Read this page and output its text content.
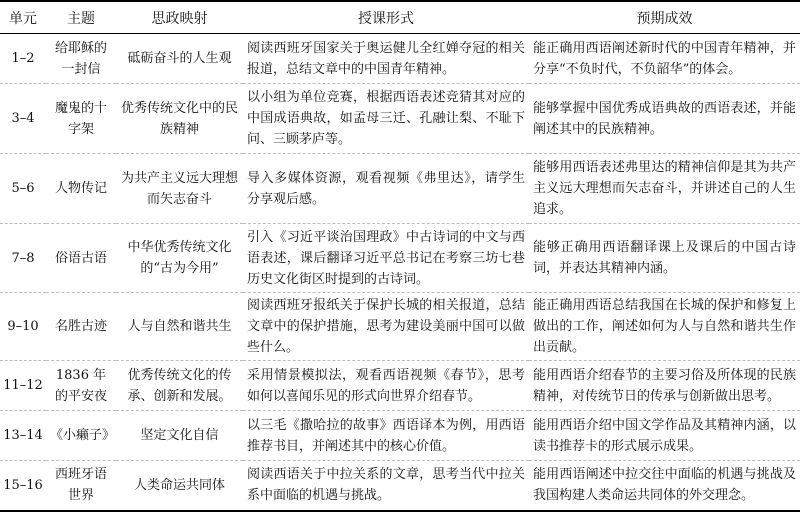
单元	主题	思政映射	授课形式	预期成效
1–2	给耶稣的一封信	砥砺奋斗的人生观	阅读西班牙国家关于奥运健儿全红婵夺冠的相关报道，总结文章中的中国青年精神。	能正确用西语阐述新时代的中国青年精神，并分享“不负时代，不负韶华”的体会。
3–4	魔鬼的十字架	优秀传统文化中的民族精神	以小组为单位竞赛，根据西语表述竞猜其对应的中国成语典故，如孟母三迁、孔融让梨、不耻下问、三顾茅庐等。	能够掌握中国优秀成语典故的西语表述，并能阐述其中的民族精神。
5–6	人物传记	为共产主义远大理想而矢志奋斗	导入多媒体资源，观看视频《弗里达》，请学生分享观后感。	能够用西语表述弗里达的精神信仰是其为共产主义远大理想而矢志奋斗，并讲述自己的人生追求。
7–8	俗语古语	中华优秀传统文化的“古为今用”	引入《习近平谈治国理政》中古诗词的中文与西语表述，课后翻译习近平总书记在考察三坊七巷历史文化街区时提到的古诗词。	能够正确用西语翻译课上及课后的中国古诗词，并表达其精神内涵。
9–10	名胜古迹	人与自然和谐共生	阅读西班牙报纸关于保护长城的相关报道，总结文章中的保护措施，思考为建设美丽中国可以做些什么。	能正确用西语总结我国在长城的保护和修复上做出的工作，阐述如何为人与自然和谐共生作出贡献。
11–12	1836 年的平安夜	优秀传统文化的传承、创新和发展。	采用情景模拟法，观看西语视频《春节》，思考如何以喜闻乐见的形式向世界介绍春节。	能用西语介绍春节的主要习俗及所体现的民族精神，对传统节日的传承与创新做出思考。
13–14	《小癞子》	坚定文化自信	以三毛《撒哈拉的故事》西语译本为例，用西语推荐书目，并阐述其中的核心价值。	能用西语介绍中国文学作品及其精神内涵，以读书推荐卡的形式展示成果。
15–16	西班牙语世界	人类命运共同体	阅读西语关于中拉关系的文章，思考当代中拉关系中面临的机遇与挑战。	能用西语阐述中拉交往中面临的机遇与挑战及我国构建人类命运共同体的外交理念。
